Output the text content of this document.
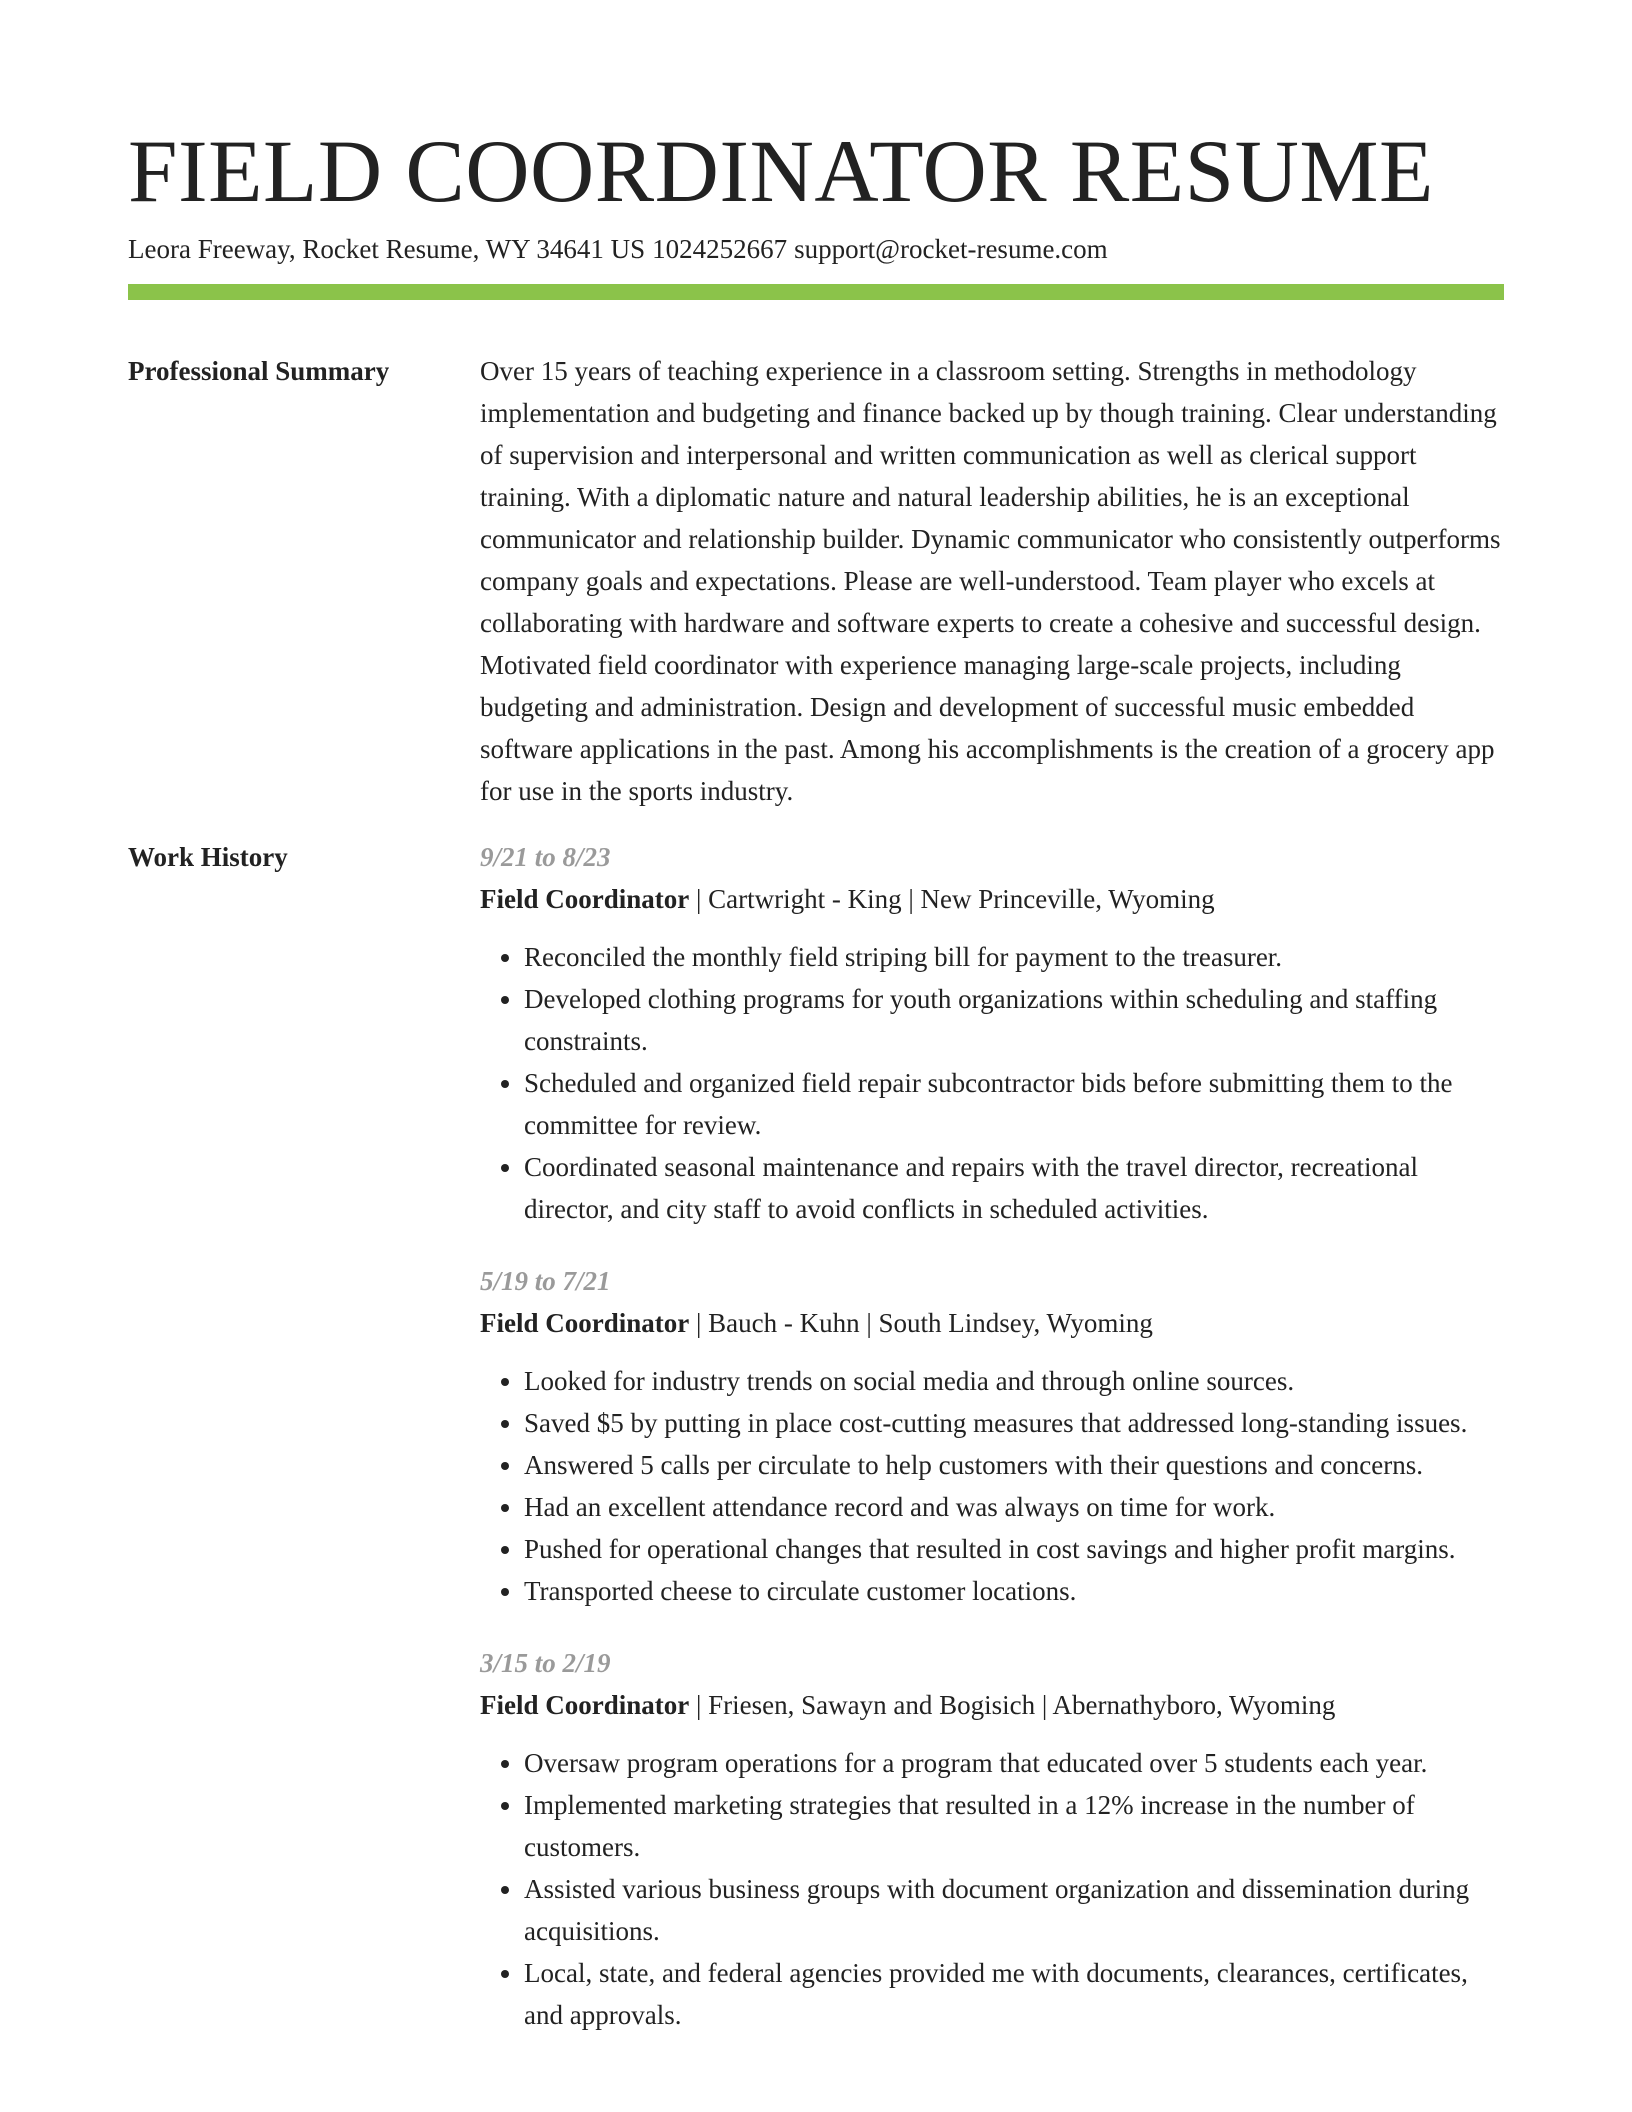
FIELD COORDINATOR RESUME
Leora Freeway, Rocket Resume, WY 34641 US 1024252667 support@rocket-resume.com
Professional Summary	Over 15 years of teaching experience in a classroom setting. Strengths in methodology implementation and budgeting and finance backed up by though training. Clear understanding of supervision and interpersonal and written communication as well as clerical support training. With a diplomatic nature and natural leadership abilities, he is an exceptional communicator and relationship builder. Dynamic communicator who consistently outperforms company goals and expectations. Please are well-understood. Team player who excels at collaborating with hardware and software experts to create a cohesive and successful design. Motivated field coordinator with experience managing large-scale projects, including budgeting and administration. Design and development of successful music embedded software applications in the past. Among his accomplishments is the creation of a grocery app for use in the sports industry.
Work History	9/21 to 8/23
Field Coordinator | Cartwright - King | New Princeville, Wyoming
• Reconciled the monthly field striping bill for payment to the treasurer.
• Developed clothing programs for youth organizations within scheduling and staffing constraints.
• Scheduled and organized field repair subcontractor bids before submitting them to the committee for review.
• Coordinated seasonal maintenance and repairs with the travel director, recreational director, and city staff to avoid conflicts in scheduled activities.
5/19 to 7/21
Field Coordinator | Bauch - Kuhn | South Lindsey, Wyoming
• Looked for industry trends on social media and through online sources.
• Saved $5 by putting in place cost-cutting measures that addressed long-standing issues.
• Answered 5 calls per circulate to help customers with their questions and concerns.
• Had an excellent attendance record and was always on time for work.
• Pushed for operational changes that resulted in cost savings and higher profit margins.
• Transported cheese to circulate customer locations.
3/15 to 2/19
Field Coordinator | Friesen, Sawayn and Bogisich | Abernathyboro, Wyoming
• Oversaw program operations for a program that educated over 5 students each year.
• Implemented marketing strategies that resulted in a 12% increase in the number of customers.
• Assisted various business groups with document organization and dissemination during acquisitions.
• Local, state, and federal agencies provided me with documents, clearances, certificates, and approvals.
